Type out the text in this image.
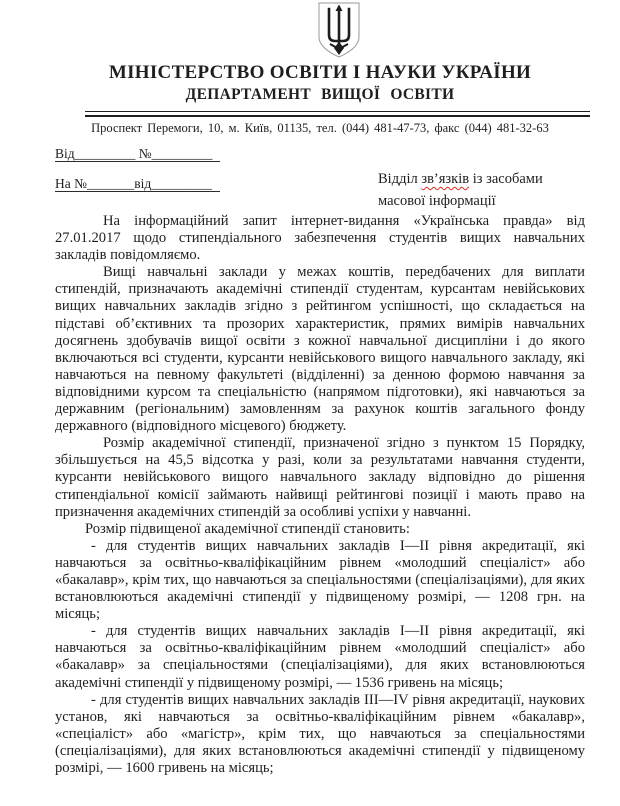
МІНІСТЕРСТВО ОСВІТИ І НАУКИ УКРАЇНИ
ДЕПАРТАМЕНТ ВИЩОЇ ОСВІТИ
Проспект Перемоги, 10, м. Київ, 01135, тел. (044) 481-47-73, факс (044) 481-32-63
Від_________ №_________
На №_______від_________	Відділ зв’язків із засобами масової інформації

На інформаційний запит інтернет-видання «Українська правда» від 27.01.2017 щодо стипендіального забезпечення студентів вищих навчальних закладів повідомляємо.

Вищі навчальні заклади у межах коштів, передбачених для виплати стипендій, призначають академічні стипендії студентам, курсантам невійськових вищих навчальних закладів згідно з рейтингом успішності, що складається на підставі об’єктивних та прозорих характеристик, прямих вимірів навчальних досягнень здобувачів вищої освіти з кожної навчальної дисципліни і до якого включаються всі студенти, курсанти невійськового вищого навчального закладу, які навчаються на певному факультеті (відділенні) за денною формою навчання за відповідними курсом та спеціальністю (напрямом підготовки), які навчаються за державним (регіональним) замовленням за рахунок коштів загального фонду державного (відповідного місцевого) бюджету.

Розмір академічної стипендії, призначеної згідно з пунктом 15 Порядку, збільшується на 45,5 відсотка у разі, коли за результатами навчання студенти, курсанти невійськового вищого навчального закладу відповідно до рішення стипендіальної комісії займають найвищі рейтингові позиції і мають право на призначення академічних стипендій за особливі успіхи у навчанні.

Розмір підвищеної академічної стипендії становить:

- для студентів вищих навчальних закладів I—II рівня акредитації, які навчаються за освітньо-кваліфікаційним рівнем «молодший спеціаліст» або «бакалавр», крім тих, що навчаються за спеціальностями (спеціалізаціями), для яких встановлюються академічні стипендії у підвищеному розмірі, — 1208 грн. на місяць;

- для студентів вищих навчальних закладів I—II рівня акредитації, які навчаються за освітньо-кваліфікаційним рівнем «молодший спеціаліст» або «бакалавр» за спеціальностями (спеціалізаціями), для яких встановлюються академічні стипендії у підвищеному розмірі, — 1536 гривень на місяць;

- для студентів вищих навчальних закладів III—IV рівня акредитації, наукових установ, які навчаються за освітньо-кваліфікаційним рівнем «бакалавр», «спеціаліст» або «магістр», крім тих, що навчаються за спеціальностями (спеціалізаціями), для яких встановлюються академічні стипендії у підвищеному розмірі, — 1600 гривень на місяць;
